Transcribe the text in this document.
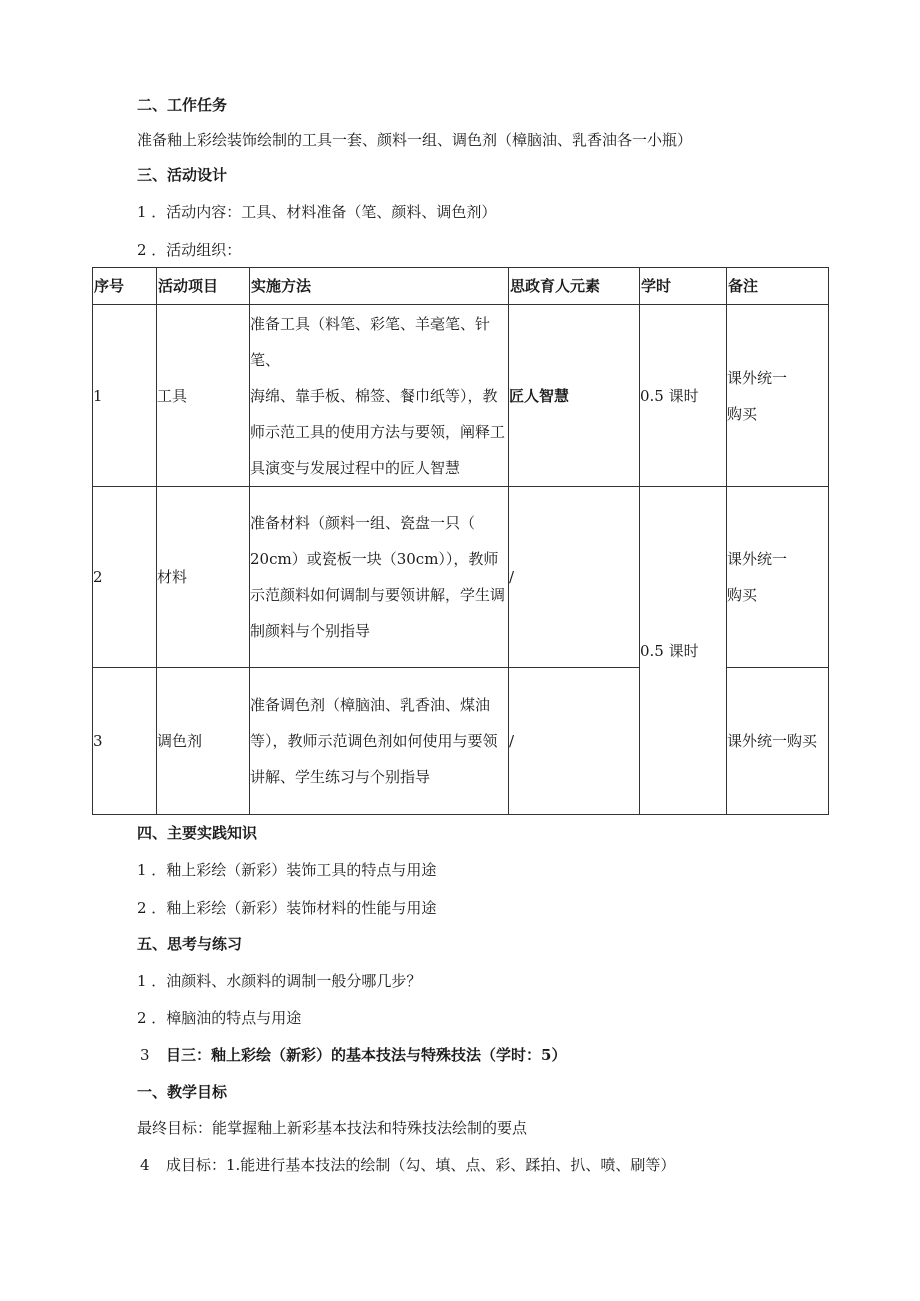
二、工作任务
准备釉上彩绘装饰绘制的工具一套、颜料一组、调色剂（樟脑油、乳香油各一小瓶）
三、活动设计
1 ．活动内容：工具、材料准备（笔、颜料、调色剂）
2 ．活动组织：
序号	活动项目	实施方法	思政育人元素	学时	备注
1	工具	准备工具（料笔、彩笔、羊毫笔、针笔、
海绵、靠手板、棉签、餐巾纸等），教
师示范工具的使用方法与要领，阐释工
具演变与发展过程中的匠人智慧	匠人智慧	0.5 课时	课外统一
购买

2	材料	准备材料（颜料一组、瓷盘一只（
20cm）或瓷板一块（30cm）），教师
示范颜料如何调制与要领讲解，学生调
制颜料与个别指导	/	0.5 课时	课外统一
购买

3	调色剂	准备调色剂（樟脑油、乳香油、煤油
等），教师示范调色剂如何使用与要领
讲解、学生练习与个别指导	/		课外统一购买
四、主要实践知识
1 ．釉上彩绘（新彩）装饰工具的特点与用途
2 ．釉上彩绘（新彩）装饰材料的性能与用途
五、思考与练习
1 ．油颜料、水颜料的调制一般分哪几步？
2 ．樟脑油的特点与用途
3 目三：釉上彩绘（新彩）的基本技法与特殊技法（学时：5）
一、教学目标
最终目标：能掌握釉上新彩基本技法和特殊技法绘制的要点
4 成目标：1.能进行基本技法的绘制（勾、填、点、彩、蹂拍、扒、喷、刷等）
